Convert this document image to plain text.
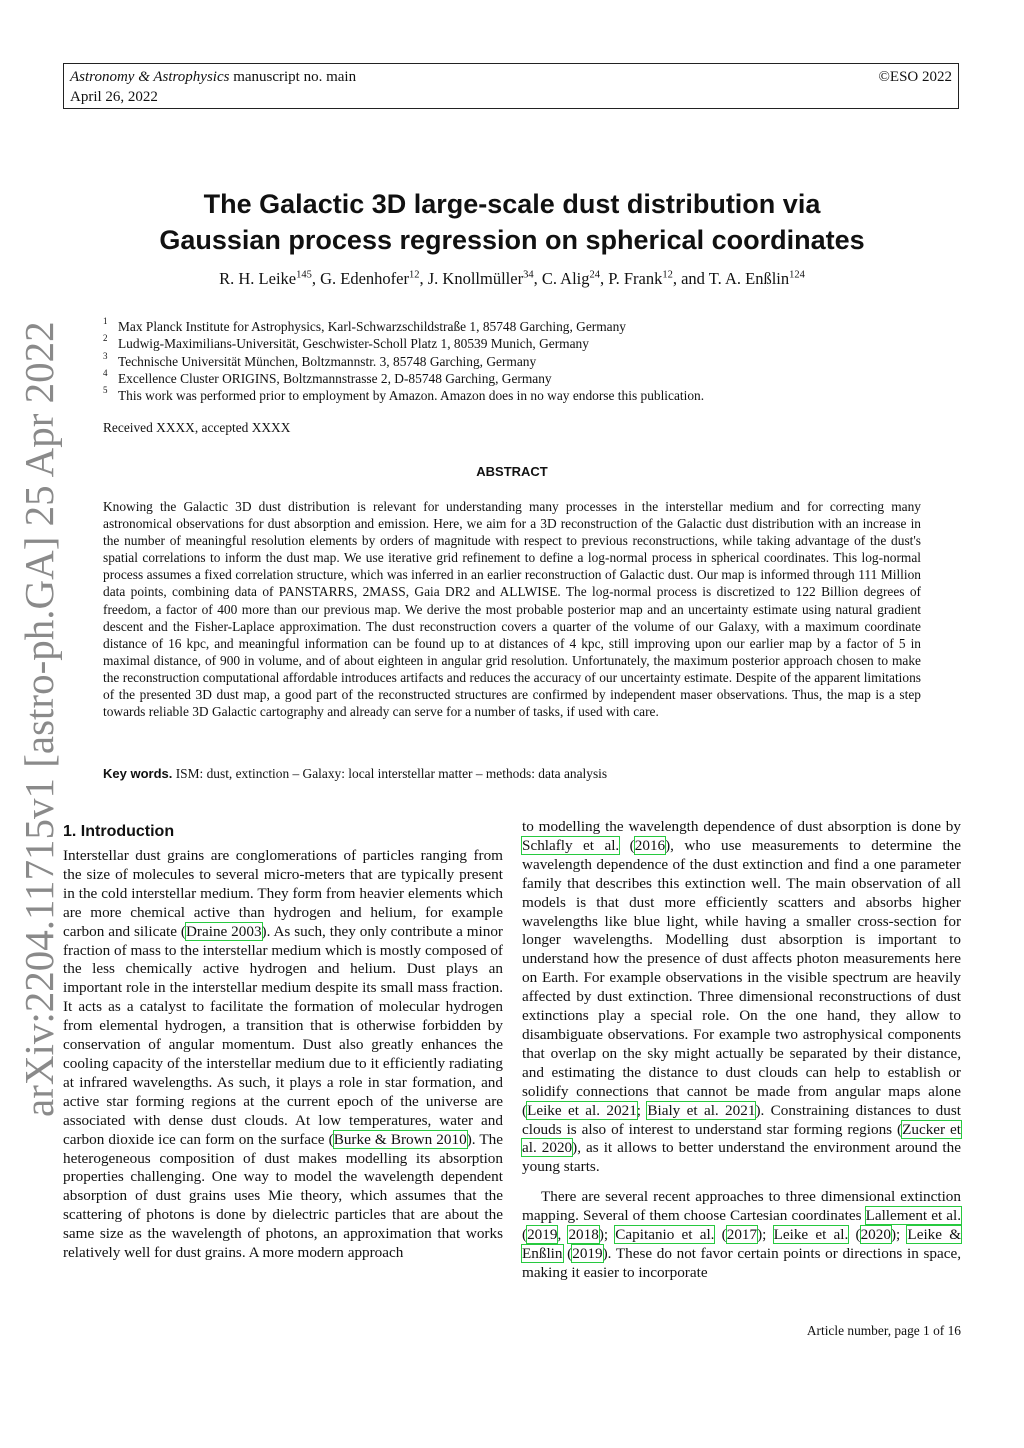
Astronomy & Astrophysics manuscript no. main
April 26, 2022
©ESO 2022
The Galactic 3D large-scale dust distribution via
Gaussian process regression on spherical coordinates
R. H. Leike$^{145}$, G. Edenhofer$^{12}$, J. Knollmüller$^{34}$, C. Alig$^{24}$, P. Frank$^{12}$, and T. A. Enßlin$^{124}$
1 Max Planck Institute for Astrophysics, Karl-Schwarzschildstraße 1, 85748 Garching, Germany
2 Ludwig-Maximilians-Universität, Geschwister-Scholl Platz 1, 80539 Munich, Germany
3 Technische Universität München, Boltzmannstr. 3, 85748 Garching, Germany
4 Excellence Cluster ORIGINS, Boltzmannstrasse 2, D-85748 Garching, Germany
5 This work was performed prior to employment by Amazon. Amazon does in no way endorse this publication.
Received XXXX, accepted XXXX
ABSTRACT
Knowing the Galactic 3D dust distribution is relevant for understanding many processes in the interstellar medium and for correcting many astronomical observations for dust absorption and emission. Here, we aim for a 3D reconstruction of the Galactic dust distribution with an increase in the number of meaningful resolution elements by orders of magnitude with respect to previous reconstructions, while taking advantage of the dust's spatial correlations to inform the dust map. We use iterative grid refinement to define a log-normal process in spherical coordinates. This log-normal process assumes a fixed correlation structure, which was inferred in an earlier reconstruction of Galactic dust. Our map is informed through 111 Million data points, combining data of PANSTARRS, 2MASS, Gaia DR2 and ALLWISE. The log-normal process is discretized to 122 Billion degrees of freedom, a factor of 400 more than our previous map. We derive the most probable posterior map and an uncertainty estimate using natural gradient descent and the Fisher-Laplace approximation. The dust reconstruction covers a quarter of the volume of our Galaxy, with a maximum coordinate distance of 16 kpc, and meaningful information can be found up to at distances of 4 kpc, still improving upon our earlier map by a factor of 5 in maximal distance, of 900 in volume, and of about eighteen in angular grid resolution. Unfortunately, the maximum posterior approach chosen to make the reconstruction computational affordable introduces artifacts and reduces the accuracy of our uncertainty estimate. Despite of the apparent limitations of the presented 3D dust map, a good part of the reconstructed structures are confirmed by independent maser observations. Thus, the map is a step towards reliable 3D Galactic cartography and already can serve for a number of tasks, if used with care.
Key words. ISM: dust, extinction – Galaxy: local interstellar matter – methods: data analysis
arXiv:2204.11715v1 [astro-ph.GA] 25 Apr 2022 1. Introduction
Interstellar dust grains are conglomerations of particles ranging from the size of molecules to several micro-meters that are typically present in the cold interstellar medium. They form from heavier elements which are more chemical active than hydrogen and helium, for example carbon and silicate (Draine 2003). As such, they only contribute a minor fraction of mass to the interstellar medium which is mostly composed of the less chemically active hydrogen and helium. Dust plays an important role in the interstellar medium despite its small mass fraction. It acts as a catalyst to facilitate the formation of molecular hydrogen from elemental hydrogen, a transition that is otherwise forbidden by conservation of angular momentum. Dust also greatly enhances the cooling capacity of the interstellar medium due to it efficiently radiating at infrared wavelengths. As such, it plays a role in star formation, and active star forming regions at the current epoch of the universe are associated with dense dust clouds. At low temperatures, water and carbon dioxide ice can form on the surface (Burke & Brown 2010). The heterogeneous composition of dust makes modelling its absorption properties challenging. One way to model the wavelength dependent absorption of dust grains uses Mie theory, which assumes that the scattering of photons is done by dielectric particles that are about the same size as the wavelength of photons, an approximation that works relatively well for dust grains. A more modern approach

to modelling the wavelength dependence of dust absorption is done by Schlafly et al. (2016), who use measurements to determine the wavelength dependence of the dust extinction and find a one parameter family that describes this extinction well. The main observation of all models is that dust more efficiently scatters and absorbs higher wavelengths like blue light, while having a smaller cross-section for longer wavelengths. Modelling dust absorption is important to understand how the presence of dust affects photon measurements here on Earth. For example observations in the visible spectrum are heavily affected by dust extinction. Three dimensional reconstructions of dust extinctions play a special role. On the one hand, they allow to disambiguate observations. For example two astrophysical components that overlap on the sky might actually be separated by their distance, and estimating the distance to dust clouds can help to establish or solidify connections that cannot be made from angular maps alone (Leike et al. 2021; Bialy et al. 2021). Constraining distances to dust clouds is also of interest to understand star forming regions (Zucker et al. 2020), as it allows to better understand the environment around the young starts.

There are several recent approaches to three dimensional extinction mapping. Several of them choose Cartesian coordinates Lallement et al. (2019, 2018); Capitanio et al. (2017); Leike et al. (2020); Leike & Enßlin (2019). These do not favor certain points or directions in space, making it easier to incorporate

Article number, page 1 of 16
